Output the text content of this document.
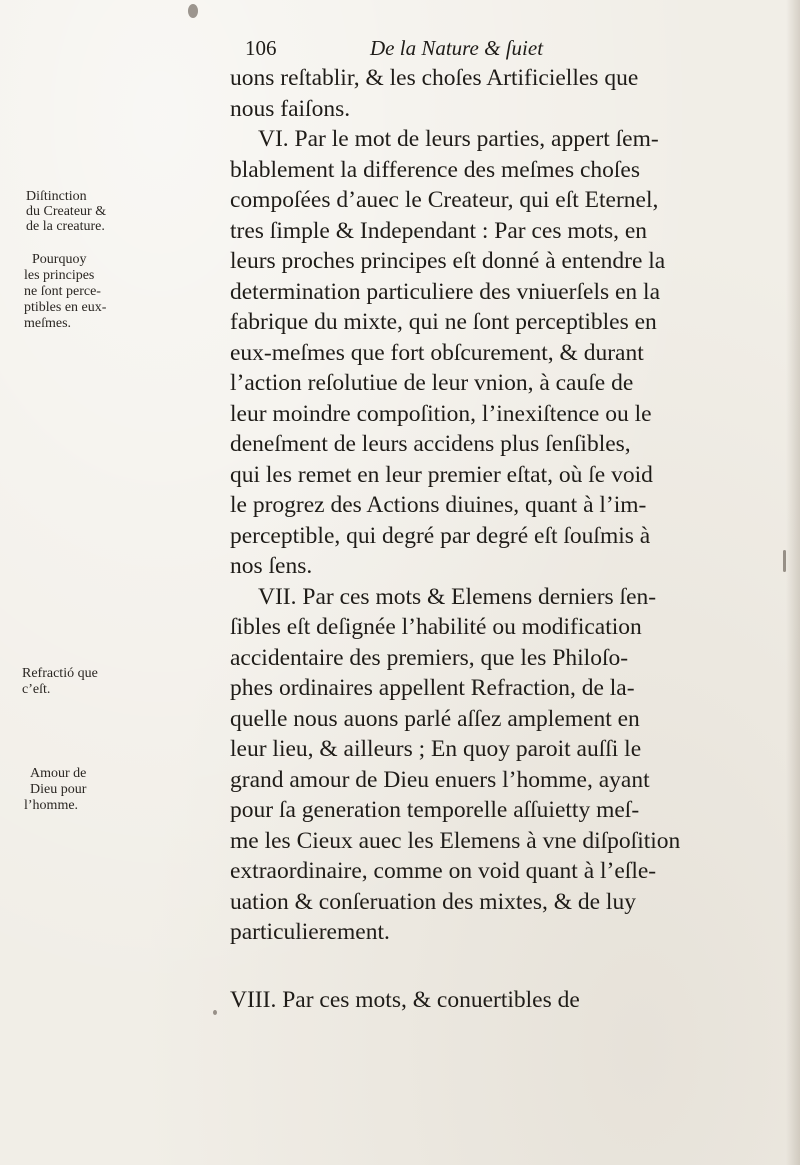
106	De la Nature & ſuiet
Diſtinction
du Createur &
de la creature.
Pourquoy
les principes
ne ſont perce-
ptibles en eux-
meſmes.
Refractió que
c’eſt.
Amour de
Dieu pour
l’homme.
uons reſtablir, & les choſes Artificielles que
nous faiſons.
VI. Par le mot de leurs parties, appert ſem-
blablement la difference des meſmes choſes
compoſées d’auec le Createur, qui eſt Eternel,
tres ſimple & Independant : Par ces mots, en
leurs proches principes eſt donné à entendre la
determination particuliere des vniuerſels en la
fabrique du mixte, qui ne ſont perceptibles en
eux-meſmes que fort obſcurement, & durant
l’action reſolutiue de leur vnion, à cauſe de
leur moindre compoſition, l’inexiſtence ou le
deneſment de leurs accidens plus ſenſibles,
qui les remet en leur premier eſtat, où ſe void
le progrez des Actions diuines, quant à l’im-
perceptible, qui degré par degré eſt ſouſmis à
nos ſens.
VII. Par ces mots & Elemens derniers ſen-
ſibles eſt deſignée l’habilité ou modification
accidentaire des premiers, que les Philoſo-
phes ordinaires appellent Refraction, de la-
quelle nous auons parlé aſſez amplement en
leur lieu, & ailleurs ; En quoy paroit auſſi le
grand amour de Dieu enuers l’homme, ayant
pour ſa generation temporelle aſſuietty meſ-
me les Cieux auec les Elemens à vne diſpoſition
extraordinaire, comme on void quant à l’eſle-
uation & conſeruation des mixtes, & de luy
particulierement.
VIII. Par ces mots, & conuertibles de
